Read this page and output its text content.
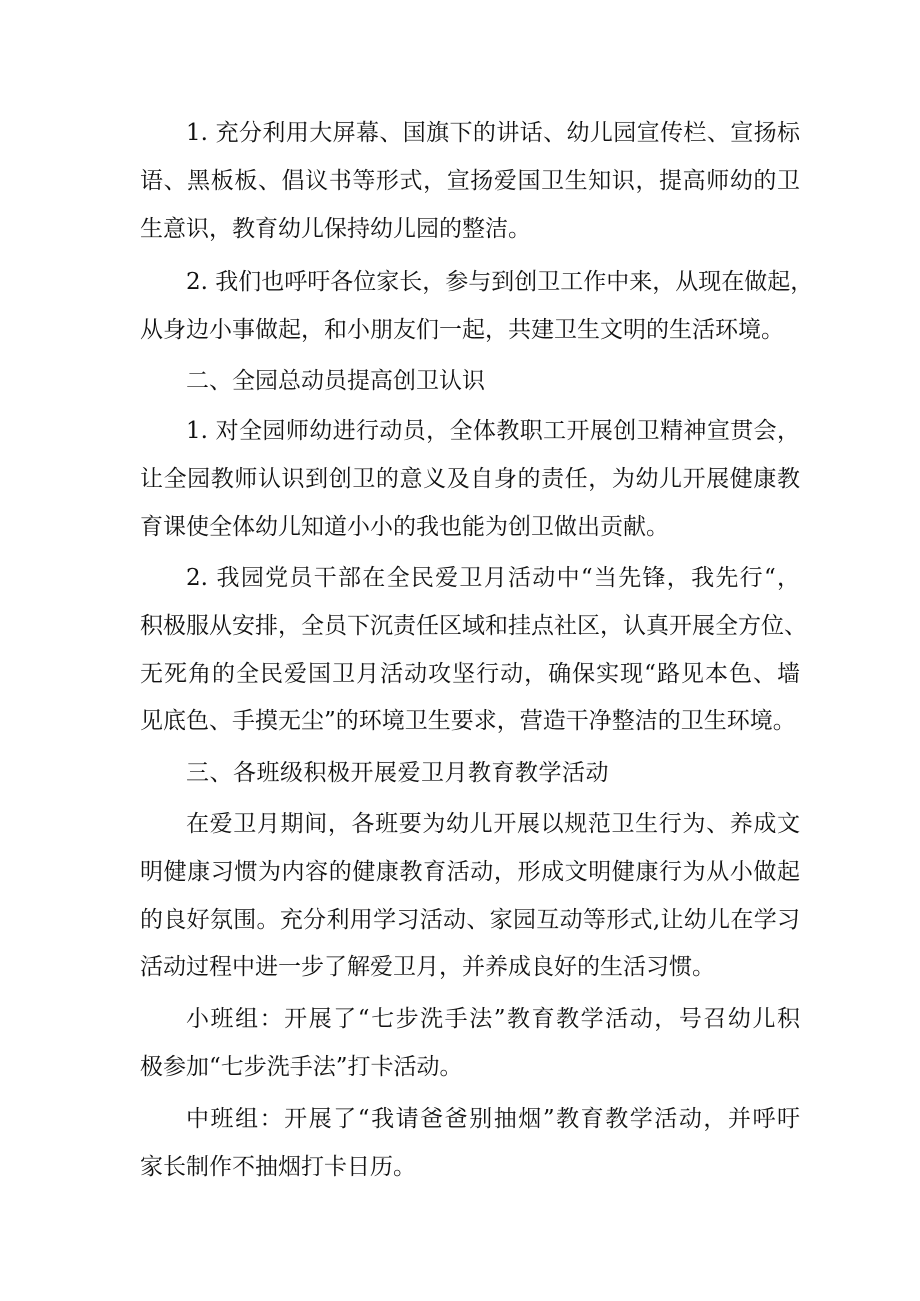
1. 充分利用大屏幕、国旗下的讲话、幼儿园宣传栏、宣扬标
语、黑板板、倡议书等形式，宣扬爱国卫生知识，提高师幼的卫
生意识，教育幼儿保持幼儿园的整洁。
2. 我们也呼吁各位家长，参与到创卫工作中来，从现在做起，
从身边小事做起，和小朋友们一起，共建卫生文明的生活环境。
二、全园总动员提高创卫认识
1. 对全园师幼进行动员，全体教职工开展创卫精神宣贯会，
让全园教师认识到创卫的意义及自身的责任，为幼儿开展健康教
育课使全体幼儿知道小小的我也能为创卫做出贡献。
2. 我园党员干部在全民爱卫月活动中“当先锋，我先行“，
积极服从安排，全员下沉责任区域和挂点社区，认真开展全方位、
无死角的全民爱国卫月活动攻坚行动，确保实现“路见本色、墙
见底色、手摸无尘”的环境卫生要求，营造干净整洁的卫生环境。
三、各班级积极开展爱卫月教育教学活动
在爱卫月期间，各班要为幼儿开展以规范卫生行为、养成文
明健康习惯为内容的健康教育活动，形成文明健康行为从小做起
的良好氛围。充分利用学习活动、家园互动等形式,让幼儿在学习
活动过程中进一步了解爱卫月，并养成良好的生活习惯。
小班组：开展了“七步洗手法”教育教学活动，号召幼儿积
极参加“七步洗手法”打卡活动。
中班组：开展了“我请爸爸别抽烟”教育教学活动，并呼吁
家长制作不抽烟打卡日历。
